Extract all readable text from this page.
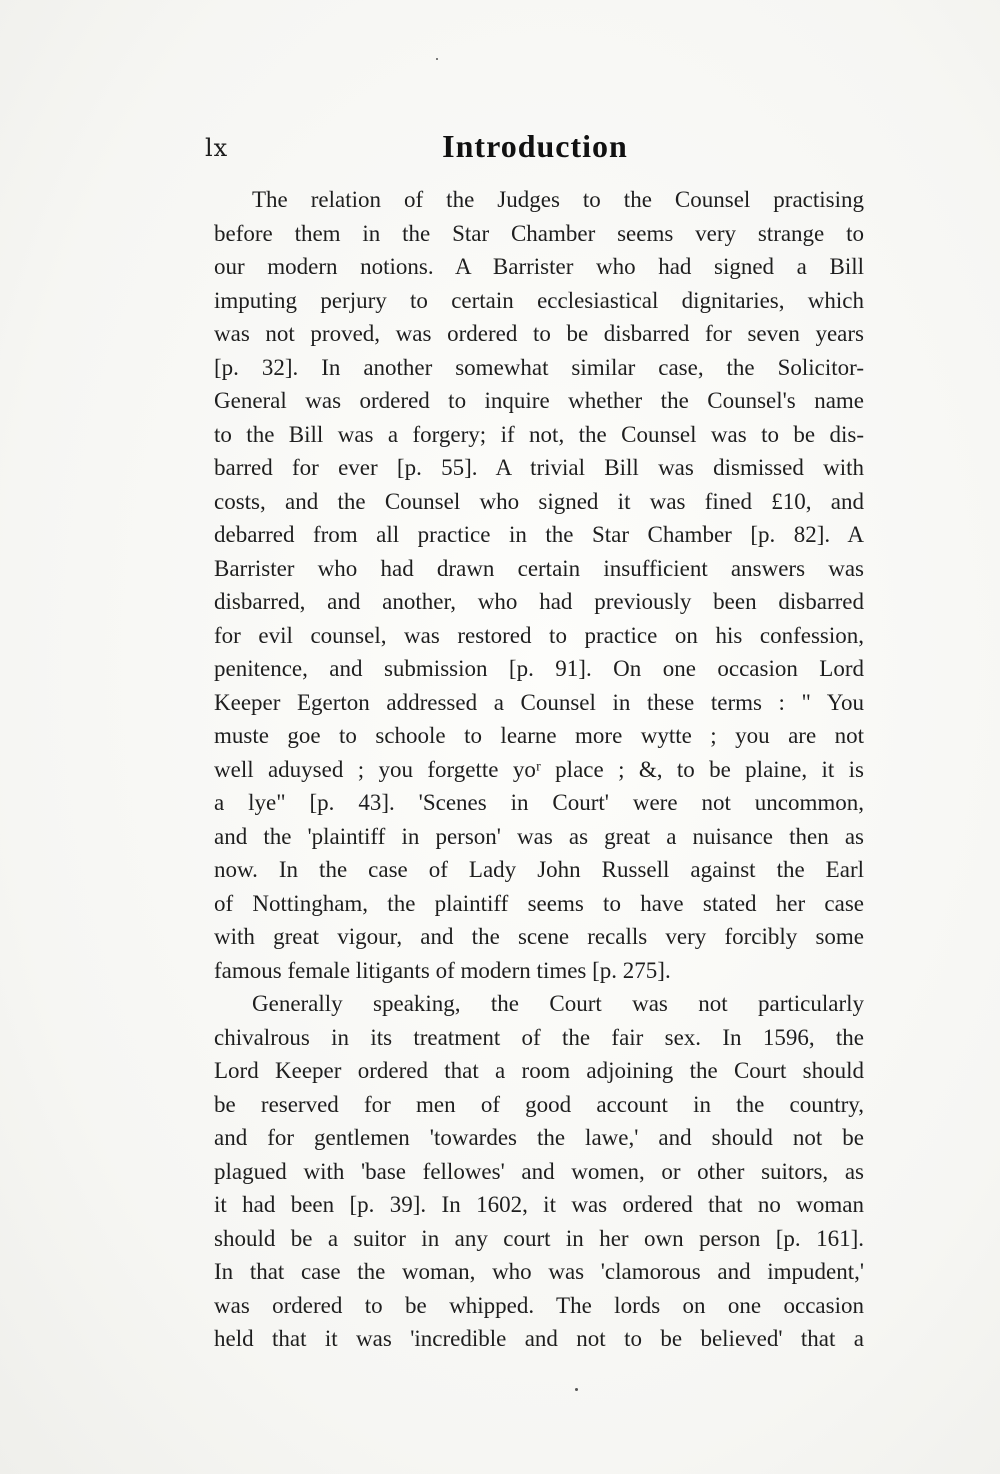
lx	Introduction
The relation of the Judges to the Counsel practising
before them in the Star Chamber seems very strange to
our modern notions. A Barrister who had signed a Bill
imputing perjury to certain ecclesiastical dignitaries, which
was not proved, was ordered to be disbarred for seven years
[p. 32]. In another somewhat similar case, the Solicitor-
General was ordered to inquire whether the Counsel's name
to the Bill was a forgery; if not, the Counsel was to be dis-
barred for ever [p. 55]. A trivial Bill was dismissed with
costs, and the Counsel who signed it was fined £10, and
debarred from all practice in the Star Chamber [p. 82]. A
Barrister who had drawn certain insufficient answers was
disbarred, and another, who had previously been disbarred
for evil counsel, was restored to practice on his confession,
penitence, and submission [p. 91]. On one occasion Lord
Keeper Egerton addressed a Counsel in these terms : " You
muste goe to schoole to learne more wytte ; you are not
well aduysed ; you forgette yoʳ place ; &, to be plaine, it is
a lye" [p. 43]. 'Scenes in Court' were not uncommon,
and the 'plaintiff in person' was as great a nuisance then as
now. In the case of Lady John Russell against the Earl
of Nottingham, the plaintiff seems to have stated her case
with great vigour, and the scene recalls very forcibly some
famous female litigants of modern times [p. 275].
Generally speaking, the Court was not particularly
chivalrous in its treatment of the fair sex. In 1596, the
Lord Keeper ordered that a room adjoining the Court should
be reserved for men of good account in the country,
and for gentlemen 'towardes the lawe,' and should not be
plagued with 'base fellowes' and women, or other suitors, as
it had been [p. 39]. In 1602, it was ordered that no woman
should be a suitor in any court in her own person [p. 161].
In that case the woman, who was 'clamorous and impudent,'
was ordered to be whipped. The lords on one occasion
held that it was 'incredible and not to be believed' that a
